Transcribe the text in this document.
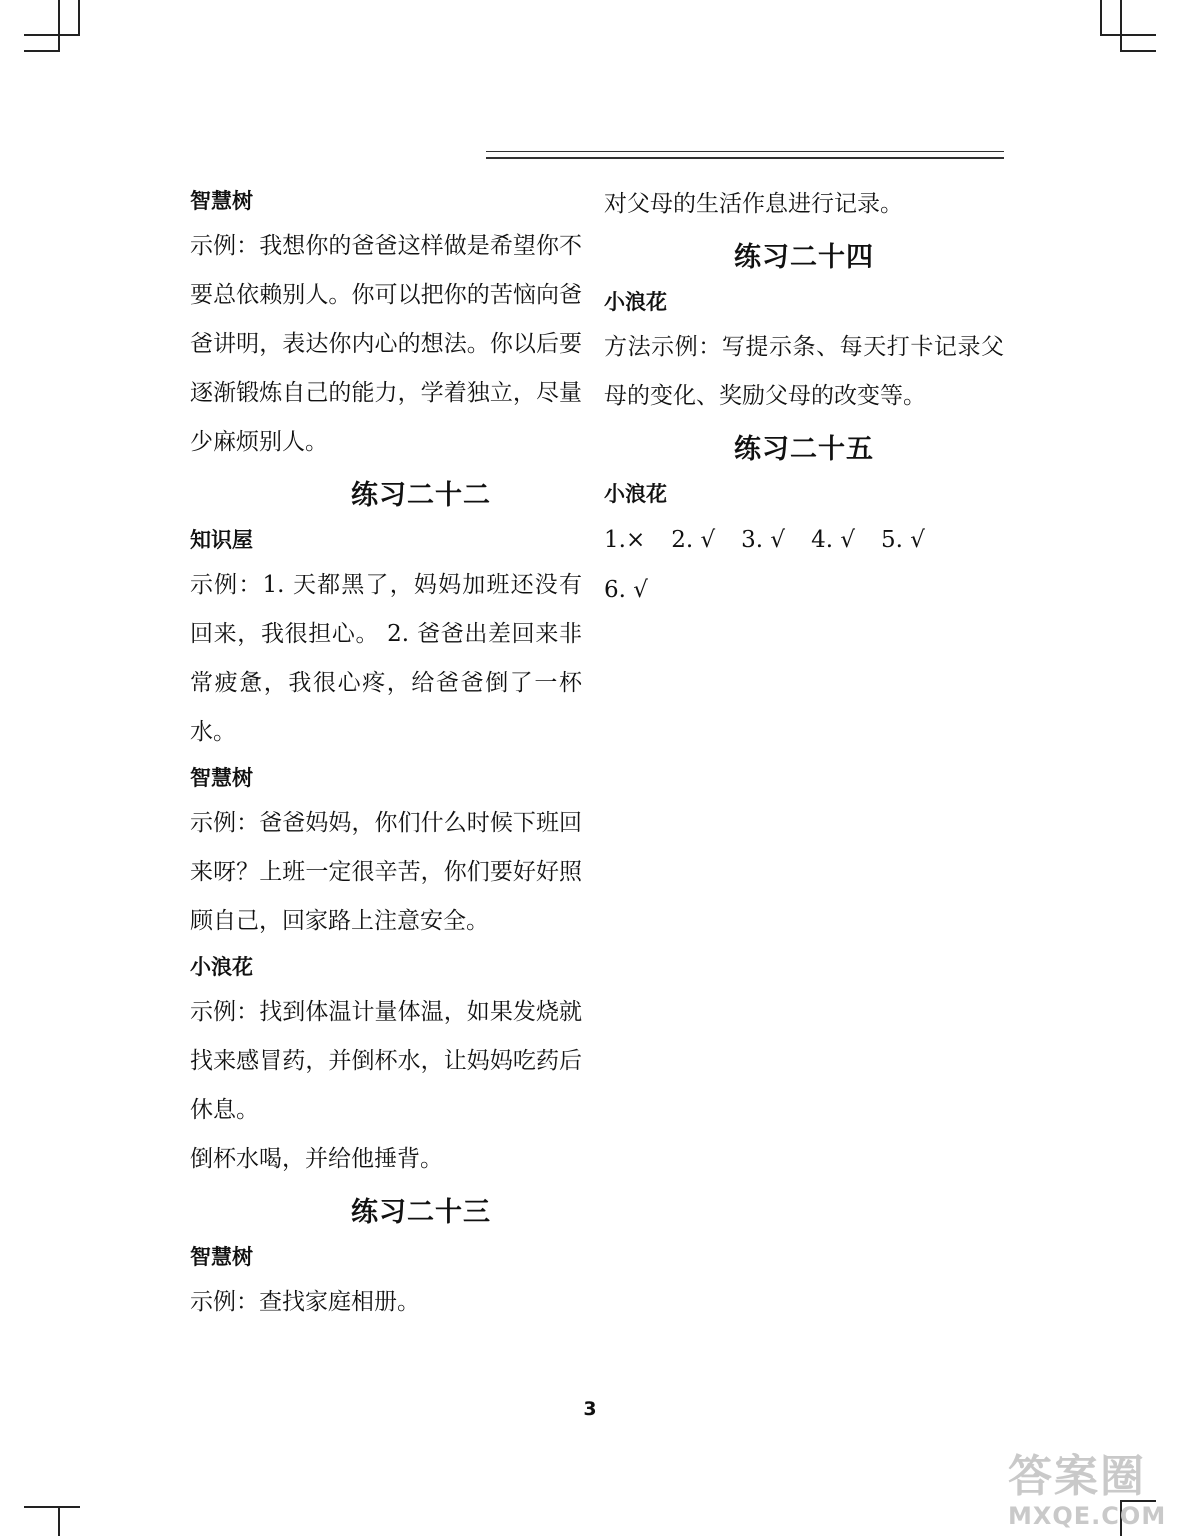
智慧树

示例：我想你的爸爸这样做是希望你不要总依赖别人。你可以把你的苦恼向爸爸讲明，表达你内心的想法。你以后要逐渐锻炼自己的能力，学着独立，尽量少麻烦别人。

练习二十二

知识屋

示例：1. 天都黑了，妈妈加班还没有回来，我很担心。 2. 爸爸出差回来非常疲惫，我很心疼，给爸爸倒了一杯水。

智慧树

示例：爸爸妈妈，你们什么时候下班回来呀？上班一定很辛苦，你们要好好照顾自己，回家路上注意安全。

小浪花

示例：找到体温计量体温，如果发烧就找来感冒药，并倒杯水，让妈妈吃药后休息。

倒杯水喝，并给他捶背。

练习二十三

智慧树

示例：查找家庭相册。

对父母的生活作息进行记录。

练习二十四

小浪花

方法示例：写提示条、每天打卡记录父母的变化、奖励父母的改变等。

练习二十五

小浪花

1.× 2. √ 3. √ 4. √ 5. √
6. √

3
答案圈
MXQE.COM
